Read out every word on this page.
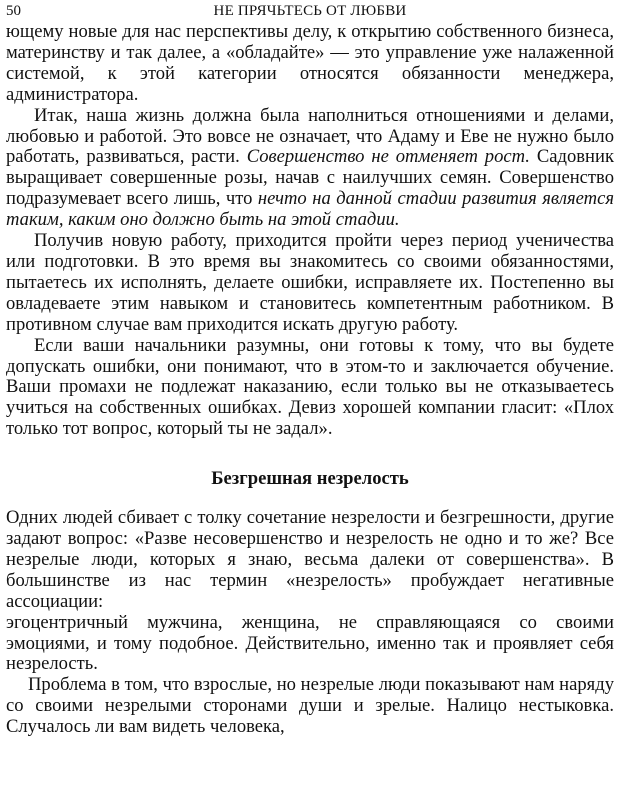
50	НЕ ПРЯЧЬТЕСЬ ОТ ЛЮБВИ

ющему новые для нас перспективы делу, к открытию собственного бизнеса, материнству и так далее, а «обладайте» — это управление уже налаженной системой, к этой категории относятся обязанности менеджера, администратора.

Итак, наша жизнь должна была наполниться отношениями и делами, любовью и работой. Это вовсе не означает, что Адаму и Еве не нужно было работать, развиваться, расти. Совершенство не отменяет рост. Садовник выращивает совершенные розы, начав с наилучших семян. Совершенство подразумевает всего лишь, что нечто на данной стадии развития является таким, каким оно должно быть на этой стадии.

Получив новую работу, приходится пройти через период ученичества или подготовки. В это время вы знакомитесь со своими обязанностями, пытаетесь их исполнять, делаете ошибки, исправляете их. Постепенно вы овладеваете этим навыком и становитесь компетентным работником. В противном случае вам приходится искать другую работу.

Если ваши начальники разумны, они готовы к тому, что вы будете допускать ошибки, они понимают, что в этом-то и заключается обучение. Ваши промахи не подлежат наказанию, если только вы не отказываетесь учиться на собственных ошибках. Девиз хорошей компании гласит: «Плох только тот вопрос, который ты не задал».

Безгрешная незрелость

Одних людей сбивает с толку сочетание незрелости и безгрешности, другие задают вопрос: «Разве несовершенство и незрелость не одно и то же? Все незрелые люди, которых я знаю, весьма далеки от совершенства». В большинстве из нас термин «незрелость» пробуждает негативные ассоциации:

эгоцентричный мужчина, женщина, не справляющаяся со своими эмоциями, и тому подобное. Действительно, именно так и проявляет себя незрелость.

Проблема в том, что взрослые, но незрелые люди показывают нам наряду со своими незрелыми сторонами души и зрелые. Налицо нестыковка. Случалось ли вам видеть человека,
